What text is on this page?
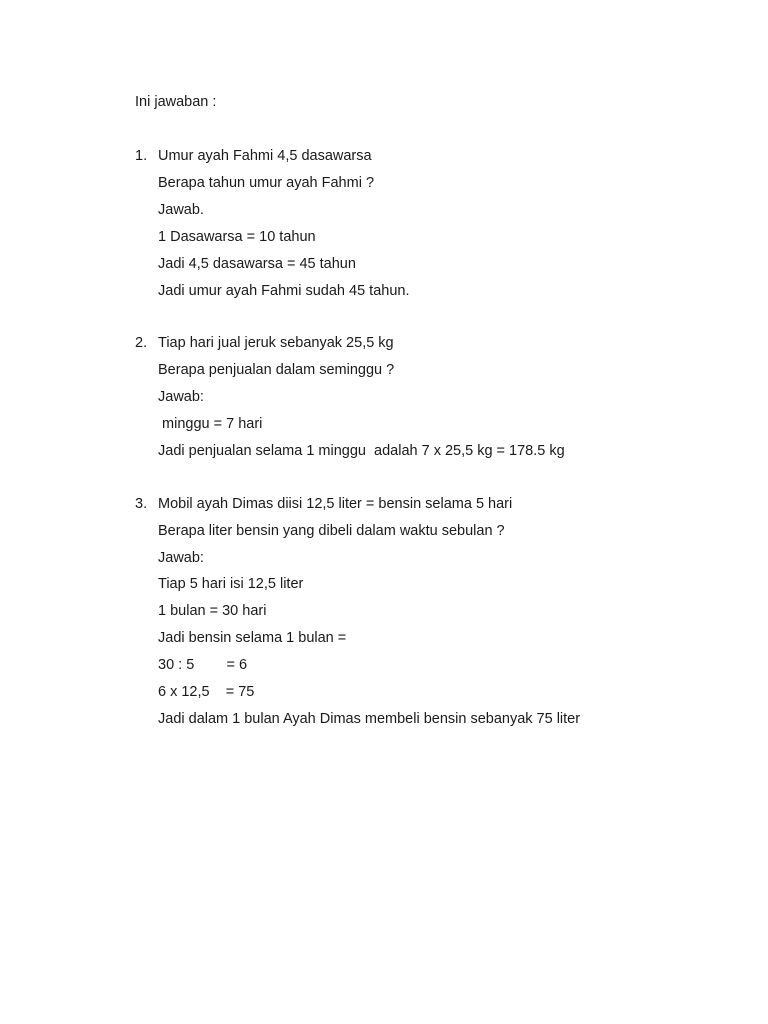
Ini jawaban :
1. Umur ayah Fahmi 4,5 dasawarsa
Berapa tahun umur ayah Fahmi ?
Jawab.
1 Dasawarsa = 10 tahun
Jadi 4,5 dasawarsa = 45 tahun
Jadi umur ayah Fahmi sudah 45 tahun.
2. Tiap hari jual jeruk sebanyak 25,5 kg
Berapa penjualan dalam seminggu ?
Jawab:
minggu = 7 hari
Jadi penjualan selama 1 minggu  adalah 7 x 25,5 kg = 178.5 kg
3. Mobil ayah Dimas diisi 12,5 liter = bensin selama 5 hari
Berapa liter bensin yang dibeli dalam waktu sebulan ?
Jawab:
Tiap 5 hari isi 12,5 liter
1 bulan = 30 hari
Jadi bensin selama 1 bulan =
30 : 5        = 6
6 x 12,5    = 75
Jadi dalam 1 bulan Ayah Dimas membeli bensin sebanyak 75 liter
